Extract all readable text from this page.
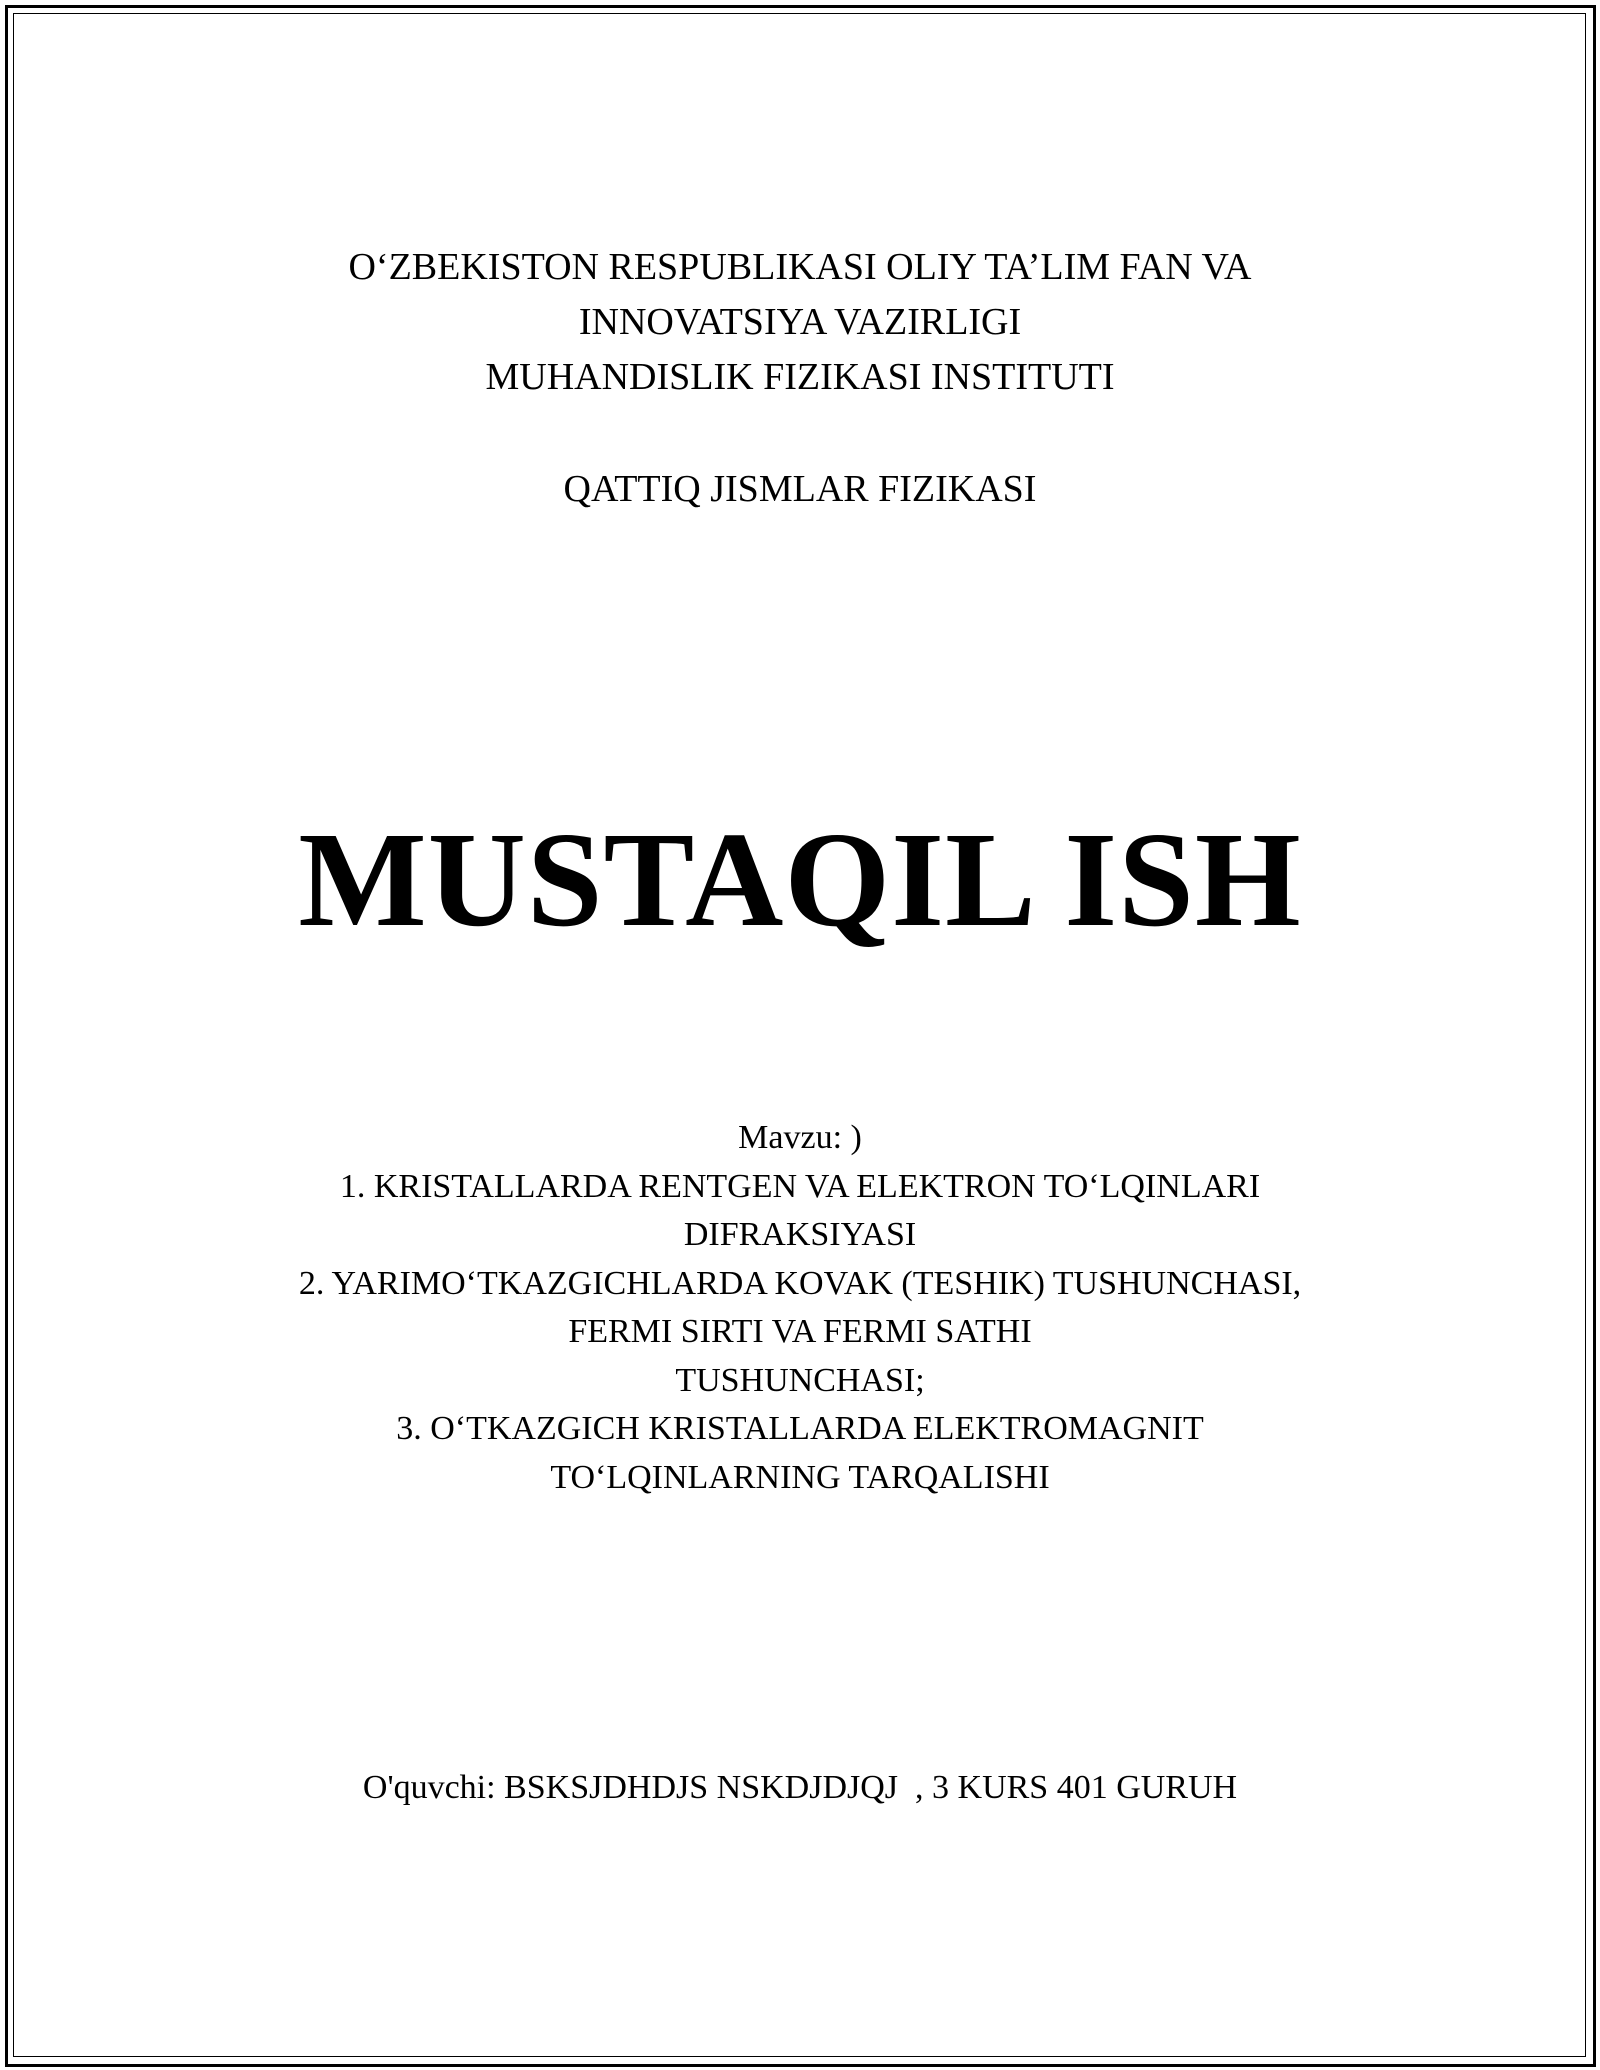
O‘ZBEKISTON RESPUBLIKASI OLIY TA’LIM FAN VA
INNOVATSIYA VAZIRLIGI
MUHANDISLIK FIZIKASI INSTITUTI
QATTIQ JISMLAR FIZIKASI
MUSTAQIL ISH
Mavzu: )
1. KRISTALLARDA RENTGEN VA ELEKTRON TO‘LQINLARI
DIFRAKSIYASI
2. YARIMO‘TKAZGICHLARDA KOVAK (TESHIK) TUSHUNCHASI,
FERMI SIRTI VA FERMI SATHI
TUSHUNCHASI;
3. O‘TKAZGICH KRISTALLARDA ELEKTROMAGNIT
TO‘LQINLARNING TARQALISHI
O'quvchi: BSKSJDHDJS NSKDJDJQJ  , 3 KURS 401 GURUH
